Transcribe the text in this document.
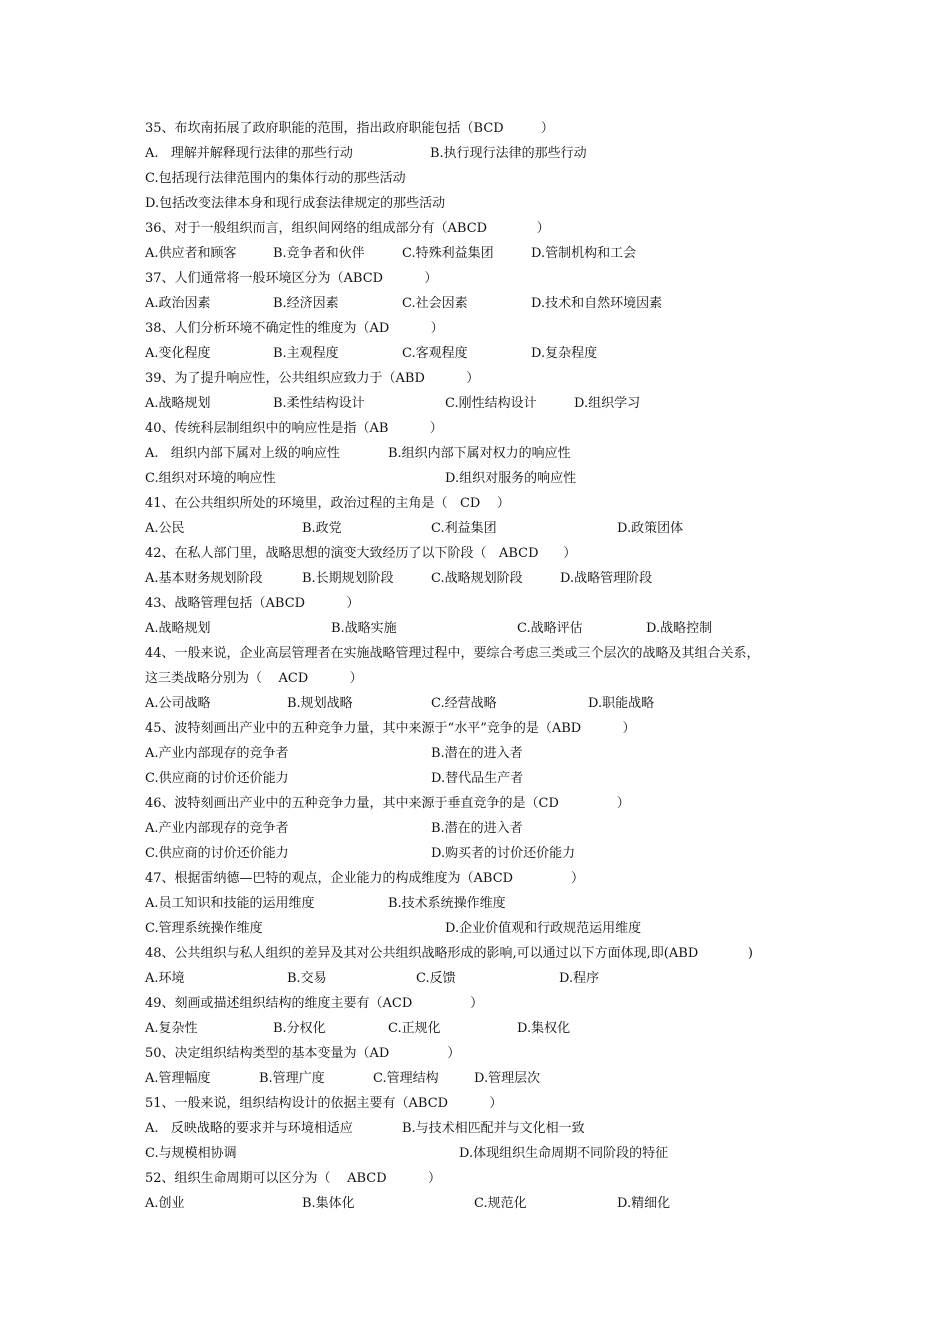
35、布坎南拓展了政府职能的范围，指出政府职能包括（BCD         ）

A.   理解并解释现行法律的那些行动

	B.执行现行法律的那些行动

C.包括现行法律范围内的集体行动的那些活动

D.包括改变法律本身和现行成套法律规定的那些活动

36、对于一般组织而言，组织间网络的组成部分有（ABCD            ）

A.供应者和顾客

	B.竞争者和伙伴

	C.特殊利益集团

	D.管制机构和工会

37、人们通常将一般环境区分为（ABCD          ）

A.政治因素

	B.经济因素

	C.社会因素

	D.技术和自然环境因素

38、人们分析环境不确定性的维度为（AD          ）

A.变化程度

	B.主观程度

	C.客观程度

	D.复杂程度

39、为了提升响应性，公共组织应致力于（ABD          ）

A.战略规划

	B.柔性结构设计

	C.刚性结构设计

	D.组织学习

40、传统科层制组织中的响应性是指（AB          ）

A.   组织内部下属对上级的响应性

	B.组织内部下属对权力的响应性

C.组织对环境的响应性

	D.组织对服务的响应性

41、在公共组织所处的环境里，政治过程的主角是（   CD    ）

A.公民

	B.政党

	C.利益集团

	D.政策团体

42、在私人部门里，战略思想的演变大致经历了以下阶段（   ABCD      ）

A.基本财务规划阶段

	B.长期规划阶段

	C.战略规划阶段

	D.战略管理阶段

43、战略管理包括（ABCD          ）

A.战略规划

	B.战略实施

	C.战略评估

	D.战略控制

44、一般来说，企业高层管理者在实施战略管理过程中，要综合考虑三类或三个层次的战略及其组合关系，
这三类战略分别为（    ACD          ）

A.公司战略

	B.规划战略

	C.经营战略

	D.职能战略

45、波特刻画出产业中的五种竞争力量，其中来源于“水平”竞争的是（ABD          ）

A.产业内部现存的竞争者

	B.潜在的进入者

C.供应商的讨价还价能力

	D.替代品生产者

46、波特刻画出产业中的五种竞争力量，其中来源于垂直竞争的是（CD              ）

A.产业内部现存的竞争者

	B.潜在的进入者

C.供应商的讨价还价能力

	D.购买者的讨价还价能力

47、根据雷纳德—巴特的观点，企业能力的构成维度为（ABCD              ）

A.员工知识和技能的运用维度

	B.技术系统操作维度

C.管理系统操作维度

	D.企业价值观和行政规范运用维度

48、公共组织与私人组织的差异及其对公共组织战略形成的影响,可以通过以下方面体现,即(ABD            )

A.环境

	B.交易

	C.反馈

	D.程序

49、刻画或描述组织结构的维度主要有（ACD              ）

A.复杂性

	B.分权化

	C.正规化

	D.集权化

50、决定组织结构类型的基本变量为（AD              ）

A.管理幅度

	B.管理广度

	C.管理结构

	D.管理层次

51、一般来说，组织结构设计的依据主要有（ABCD          ）

A.   反映战略的要求并与环境相适应

	B.与技术相匹配并与文化相一致

C.与规模相协调

	D.体现组织生命周期不同阶段的特征

52、组织生命周期可以区分为（    ABCD          ）

A.创业

	B.集体化

	C.规范化

	D.精细化
